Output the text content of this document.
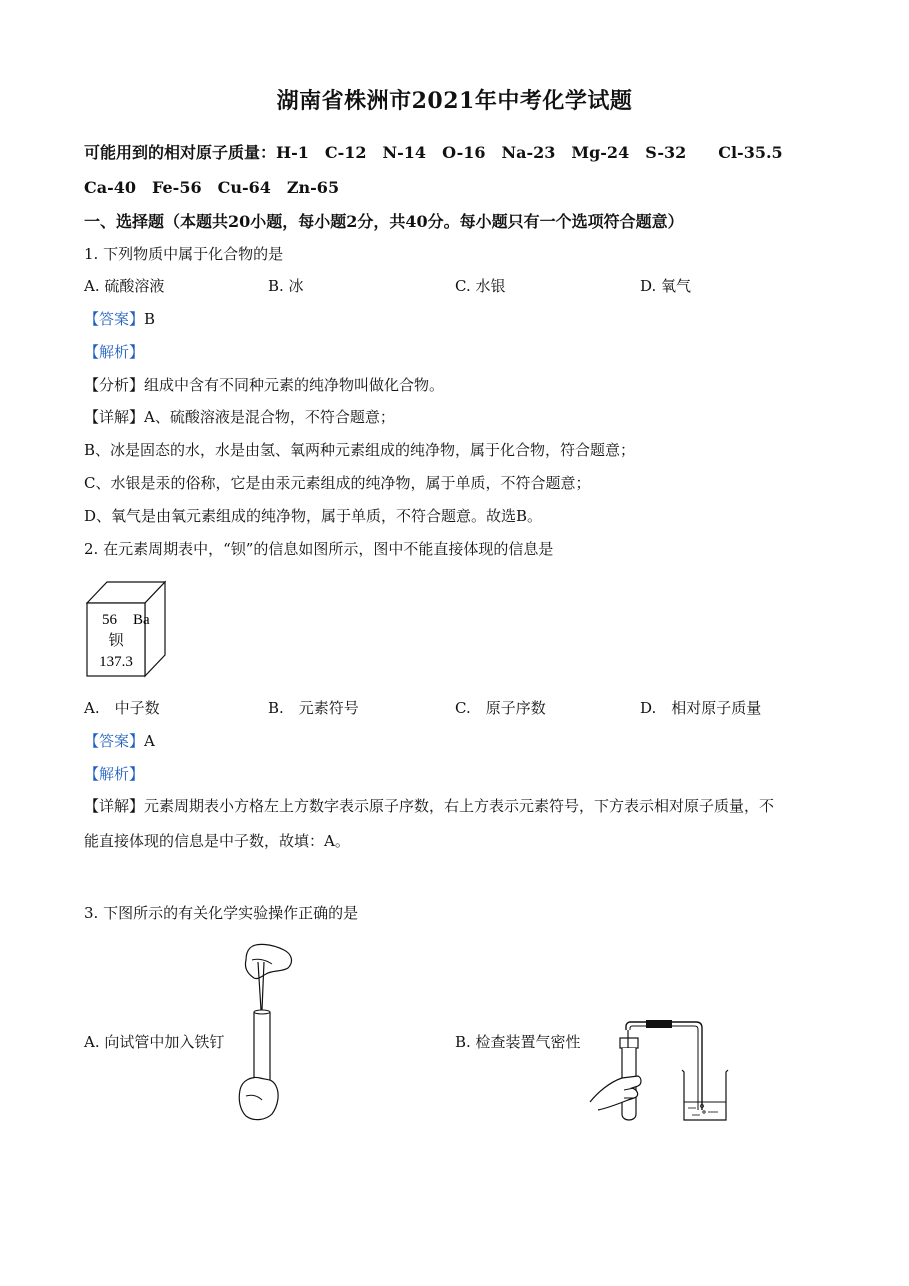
湖南省株洲市2021年中考化学试题
可能用到的相对原子质量：H-1　C-12　N-14　O-16　Na-23　Mg-24　S-32　　Cl-35.5
Ca-40　Fe-56　Cu-64　Zn-65
一、选择题（本题共20小题，每小题2分，共40分。每小题只有一个选项符合题意）
1. 下列物质中属于化合物的是
A. 硫酸溶液	B. 冰	C. 水银	D. 氧气
【答案】B
【解析】
【分析】组成中含有不同种元素的纯净物叫做化合物。
【详解】A、硫酸溶液是混合物，不符合题意；
B、冰是固态的水，水是由氢、氧两种元素组成的纯净物，属于化合物，符合题意；
C、水银是汞的俗称，它是由汞元素组成的纯净物，属于单质，不符合题意；
D、氧气是由氧元素组成的纯净物，属于单质，不符合题意。故选B。
2. 在元素周期表中，“钡”的信息如图所示，图中不能直接体现的信息是
56 Ba
钡
137.3
A.　中子数	B.　元素符号	C.　原子序数	D.　相对原子质量
【答案】A
【解析】
【详解】元素周期表小方格左上方数字表示原子序数，右上方表示元素符号，下方表示相对原子质量，不
能直接体现的信息是中子数，故填：A。
3. 下图所示的有关化学实验操作正确的是
A. 向试管中加入铁钉	B. 检查装置气密性
